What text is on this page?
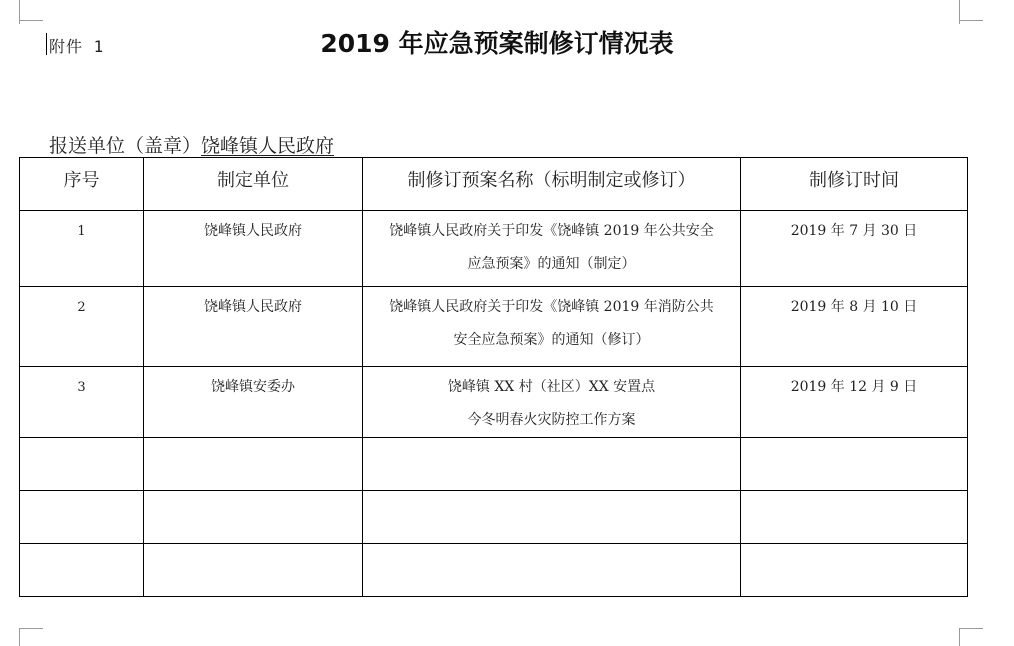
附件 1	2019 年应急预案制修订情况表
报送单位（盖章）饶峰镇人民政府
序号	制定单位	制修订预案名称（标明制定或修订）	制修订时间
1	饶峰镇人民政府	饶峰镇人民政府关于印发《饶峰镇 2019 年公共安全
应急预案》的通知（制定）	2019 年 7 月 30 日
2	饶峰镇人民政府	饶峰镇人民政府关于印发《饶峰镇 2019 年消防公共
安全应急预案》的通知（修订）	2019 年 8 月 10 日
3	饶峰镇安委办	饶峰镇 XX 村（社区）XX 安置点
今冬明春火灾防控工作方案	2019 年 12 月 9 日
